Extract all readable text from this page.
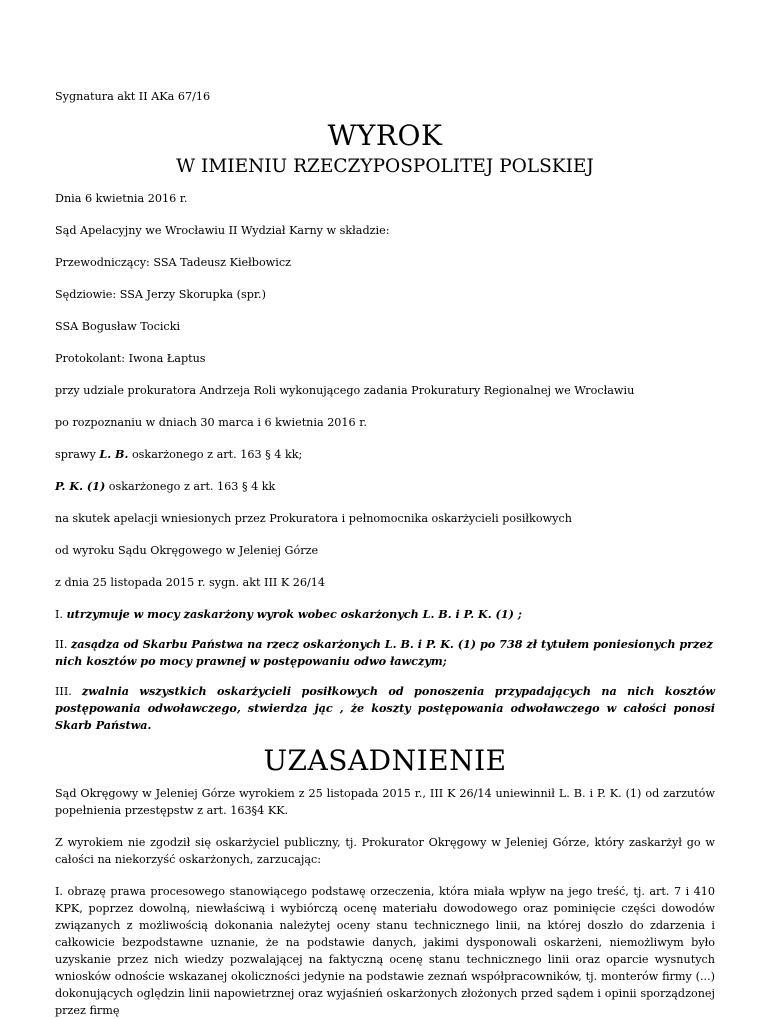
Sygnatura akt II AKa 67/16

WYROK

W IMIENIU RZECZYPOSPOLITEJ POLSKIEJ

Dnia 6 kwietnia 2016 r.

Sąd Apelacyjny we Wrocławiu II Wydział Karny w składzie:

Przewodniczący: SSA Tadeusz Kiełbowicz

Sędziowie: SSA Jerzy Skorupka (spr.)

SSA Bogusław Tocicki

Protokolant: Iwona Łaptus

przy udziale prokuratora Andrzeja Roli wykonującego zadania Prokuratury Regionalnej we Wrocławiu

po rozpoznaniu w dniach 30 marca i 6 kwietnia 2016 r.

sprawy L. B. oskarżonego z art. 163 § 4 kk;

P. K. (1) oskarżonego z art. 163 § 4 kk

na skutek apelacji wniesionych przez Prokuratora i pełnomocnika oskarżycieli posiłkowych

od wyroku Sądu Okręgowego w Jeleniej Górze

z dnia 25 listopada 2015 r. sygn. akt III K 26/14

I. utrzymuje w mocy zaskarżony wyrok wobec oskarżonych L. B. i P. K. (1) ;

II. zasądza od Skarbu Państwa na rzecz oskarżonych L. B. i P. K. (1) po 738 zł tytułem poniesionych przez nich kosztów po mocy prawnej w postępowaniu odwo ławczym;

III. zwalnia wszystkich oskarżycieli posiłkowych od ponoszenia przypadających na nich kosztów postępowania odwoławczego, stwierdza jąc , że koszty postępowania odwoławczego w całości ponosi Skarb Państwa.

UZASADNIENIE

Sąd Okręgowy w Jeleniej Górze wyrokiem z 25 listopada 2015 r., III K 26/14 uniewinnił L. B. i P. K. (1) od zarzutów popełnienia przestępstw z art. 163§4 KK.

Z wyrokiem nie zgodził się oskarżyciel publiczny, tj. Prokurator Okręgowy w Jeleniej Górze, który zaskarżył go w całości na niekorzyść oskarżonych, zarzucając:

I. obrazę prawa procesowego stanowiącego podstawę orzeczenia, która miała wpływ na jego treść, tj. art. 7 i 410 KPK, poprzez dowolną, niewłaściwą i wybiórczą ocenę materiału dowodowego oraz pominięcie części dowodów związanych z możliwością dokonania należytej oceny stanu technicznego linii, na której doszło do zdarzenia i całkowicie bezpodstawne uznanie, że na podstawie danych, jakimi dysponowali oskarżeni, niemożliwym było uzyskanie przez nich wiedzy pozwalającej na faktyczną ocenę stanu technicznego linii oraz oparcie wysnutych wniosków odnoście wskazanej okoliczności jedynie na podstawie zeznań współpracowników, tj. monterów firmy (...) dokonujących oględzin linii napowietrznej oraz wyjaśnień oskarżonych złożonych przed sądem i opinii sporządzonej przez firmę
